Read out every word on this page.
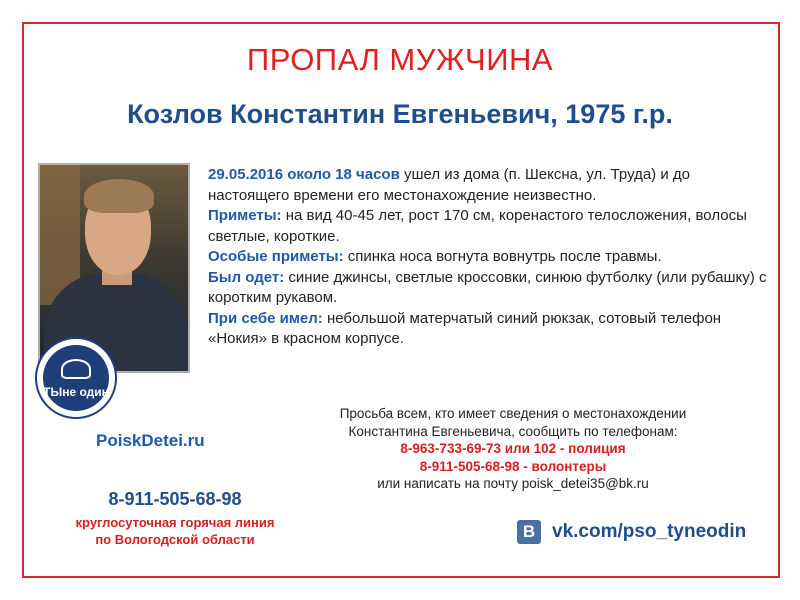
ПРОПАЛ МУЖЧИНА
Козлов Константин Евгеньевич, 1975 г.р.
ТЫне один
29.05.2016 около 18 часов ушел из дома (п. Шексна, ул. Труда) и до настоящего времени его местонахождение неизвестно.
Приметы: на вид 40-45 лет, рост 170 см, коренастого телосложения, волосы светлые, короткие.
Особые приметы: спинка носа вогнута вовнутрь после травмы.
Был одет: синие джинсы, светлые кроссовки, синюю футболку (или рубашку) с коротким рукавом.
При себе имел: небольшой матерчатый синий рюкзак, сотовый телефон «Нокия» в красном корпусе.
PoiskDetei.ru
8-911-505-68-98
круглосуточная горячая линия
по Вологодской области
Просьба всем, кто имеет сведения о местонахождении
Константина Евгеньевича, сообщить по телефонам:
8-963-733-69-73 или 102 - полиция
8-911-505-68-98 - волонтеры
или написать на почту poisk_detei35@bk.ru
В vk.com/pso_tyneodin
